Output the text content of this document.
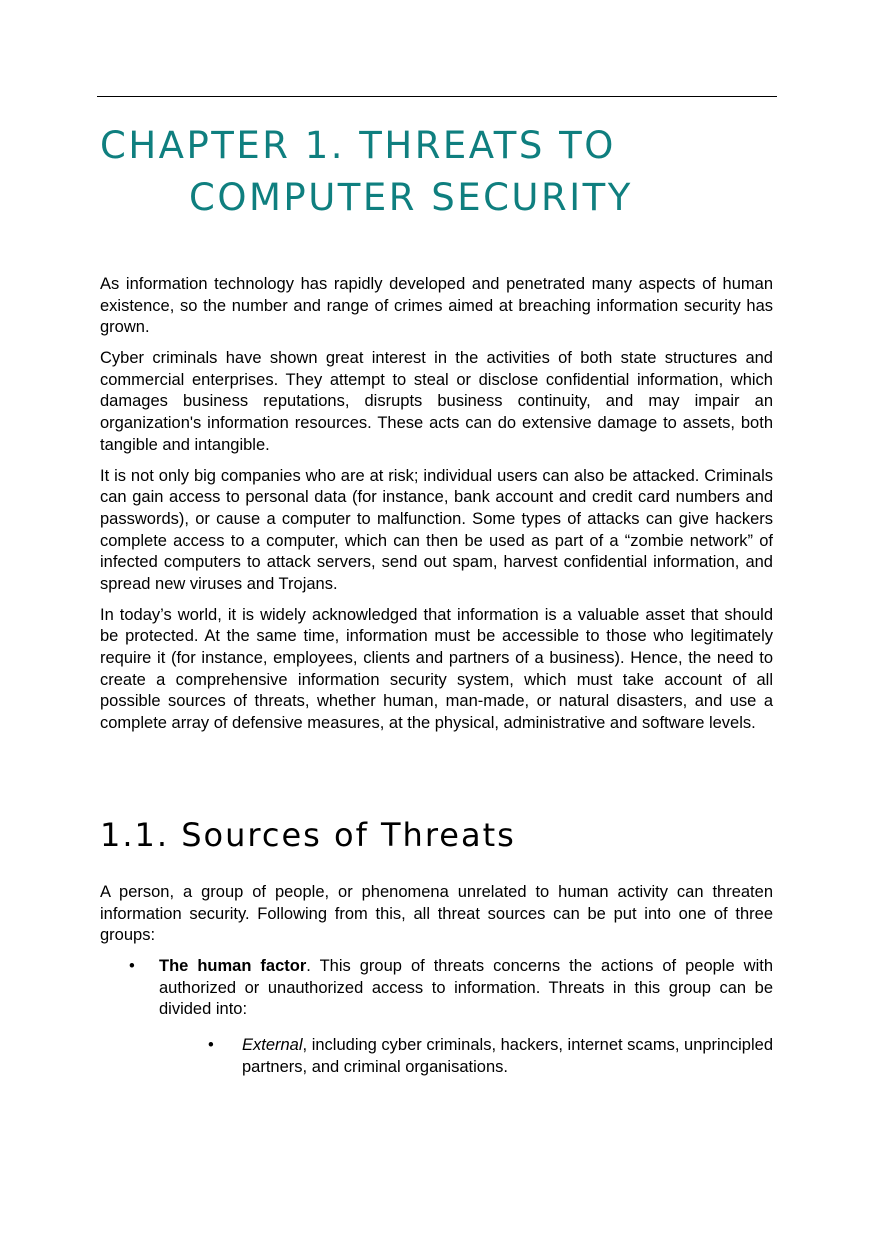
CHAPTER 1. THREATS TO
COMPUTER SECURITY

As information technology has rapidly developed and penetrated many aspects of human existence, so the number and range of crimes aimed at breaching information security has grown.

Cyber criminals have shown great interest in the activities of both state structures and commercial enterprises. They attempt to steal or disclose confidential information, which damages business reputations, disrupts business continuity, and may impair an organization's information resources. These acts can do extensive damage to assets, both tangible and intangible.

It is not only big companies who are at risk; individual users can also be attacked. Criminals can gain access to personal data (for instance, bank account and credit card numbers and passwords), or cause a computer to malfunction. Some types of attacks can give hackers complete access to a computer, which can then be used as part of a “zombie network” of infected computers to attack servers, send out spam, harvest confidential information, and spread new viruses and Trojans.

In today’s world, it is widely acknowledged that information is a valuable asset that should be protected. At the same time, information must be accessible to those who legitimately require it (for instance, employees, clients and partners of a business). Hence, the need to create a comprehensive information security system, which must take account of all possible sources of threats, whether human, man-made, or natural disasters, and use a complete array of defensive measures, at the physical, administrative and software levels.

1.1. Sources of Threats

A person, a group of people, or phenomena unrelated to human activity can threaten information security. Following from this, all threat sources can be put into one of three groups:

• The human factor. This group of threats concerns the actions of people with authorized or unauthorized access to information. Threats in this group can be divided into:
• External, including cyber criminals, hackers, internet scams, unprincipled partners, and criminal organisations.
